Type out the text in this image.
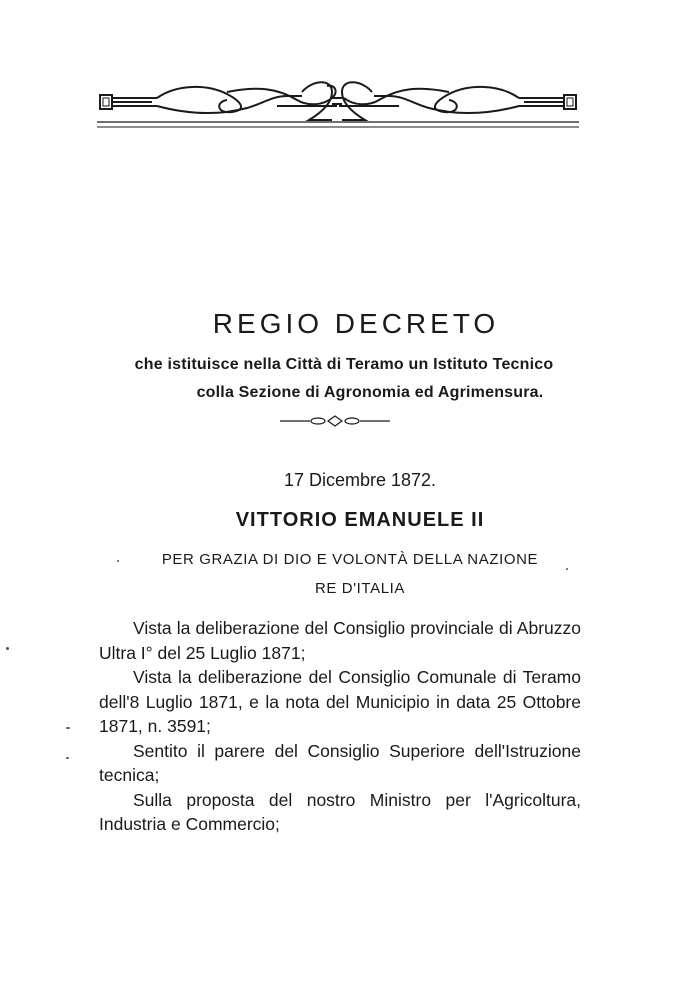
REGIO DECRETO
che istituisce nella Città di Teramo un Istituto Tecnico
colla Sezione di Agronomia ed Agrimensura.
17 Dicembre 1872.
VITTORIO EMANUELE II
PER GRAZIA DI DIO E VOLONTÀ DELLA NAZIONE
RE D'ITALIA

Vista la deliberazione del Consiglio provinciale di Abruzzo Ultra I° del 25 Luglio 1871;

Vista la deliberazione del Consiglio Comunale di Teramo dell'8 Luglio 1871, e la nota del Municipio in data 25 Ottobre 1871, n. 3591;

Sentito il parere del Consiglio Superiore dell'Istruzione tecnica;

Sulla proposta del nostro Ministro per l'Agricoltura, Industria e Commercio;
